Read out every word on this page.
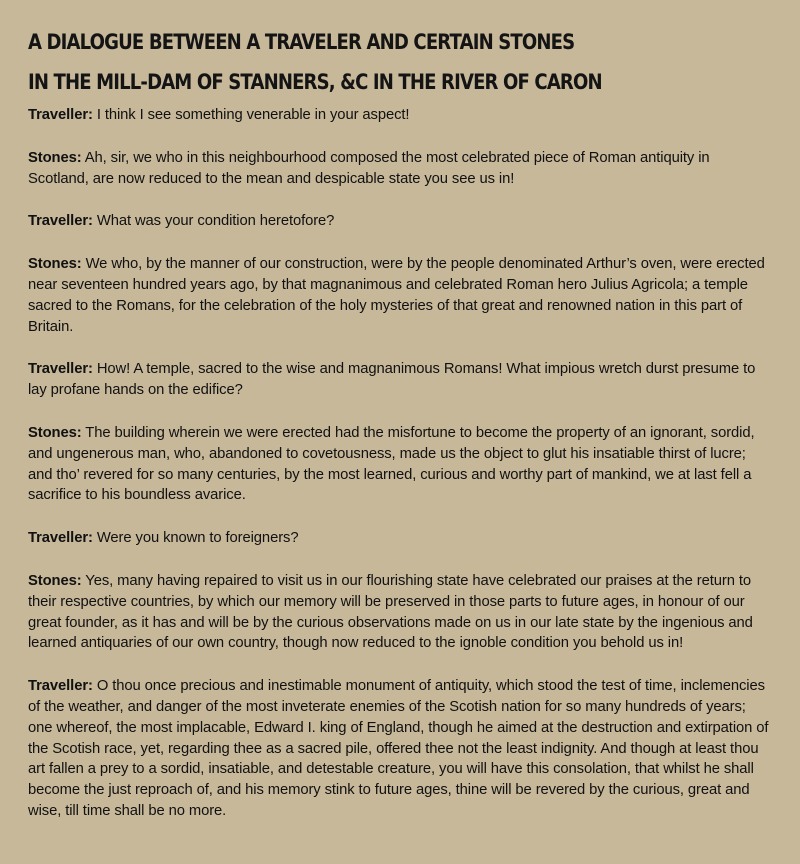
A DIALOGUE BETWEEN A TRAVELER AND CERTAIN STONES
IN THE MILL-DAM OF STANNERS, &C IN THE RIVER OF CARON

Traveller: I think I see something venerable in your aspect!

Stones: Ah, sir, we who in this neighbourhood composed the most celebrated piece of Roman antiquity in Scotland, are now reduced to the mean and despicable state you see us in!

Traveller: What was your condition heretofore?

Stones: We who, by the manner of our construction, were by the people denominated Arthur’s oven, were erected near seventeen hundred years ago, by that magnanimous and celebrated Roman hero Julius Agricola; a temple sacred to the Romans, for the celebration of the holy mysteries of that great and renowned nation in this part of Britain.

Traveller: How! A temple, sacred to the wise and magnanimous Romans! What impious wretch durst presume to lay profane hands on the edifice?

Stones: The building wherein we were erected had the misfortune to become the property of an ignorant, sordid, and ungenerous man, who, abandoned to covetousness, made us the object to glut his insatiable thirst of lucre; and tho’ revered for so many centuries, by the most learned, curious and worthy part of mankind, we at last fell a sacrifice to his boundless avarice.

Traveller: Were you known to foreigners?

Stones: Yes, many having repaired to visit us in our flourishing state have celebrated our praises at the return to their respective countries, by which our memory will be preserved in those parts to future ages, in honour of our great founder, as it has and will be by the curious observations made on us in our late state by the ingenious and learned antiquaries of our own country, though now reduced to the ignoble condition you behold us in!

Traveller: O thou once precious and inestimable monument of antiquity, which stood the test of time, inclemencies of the weather, and danger of the most inveterate enemies of the Scotish nation for so many hundreds of years; one whereof, the most implacable, Edward I. king of England, though he aimed at the destruction and extirpation of the Scotish race, yet, regarding thee as a sacred pile, offered thee not the least indignity. And though at least thou art fallen a prey to a sordid, insatiable, and detestable creature, you will have this consolation, that whilst he shall become the just reproach of, and his memory stink to future ages, thine will be revered by the curious, great and wise, till time shall be no more.
